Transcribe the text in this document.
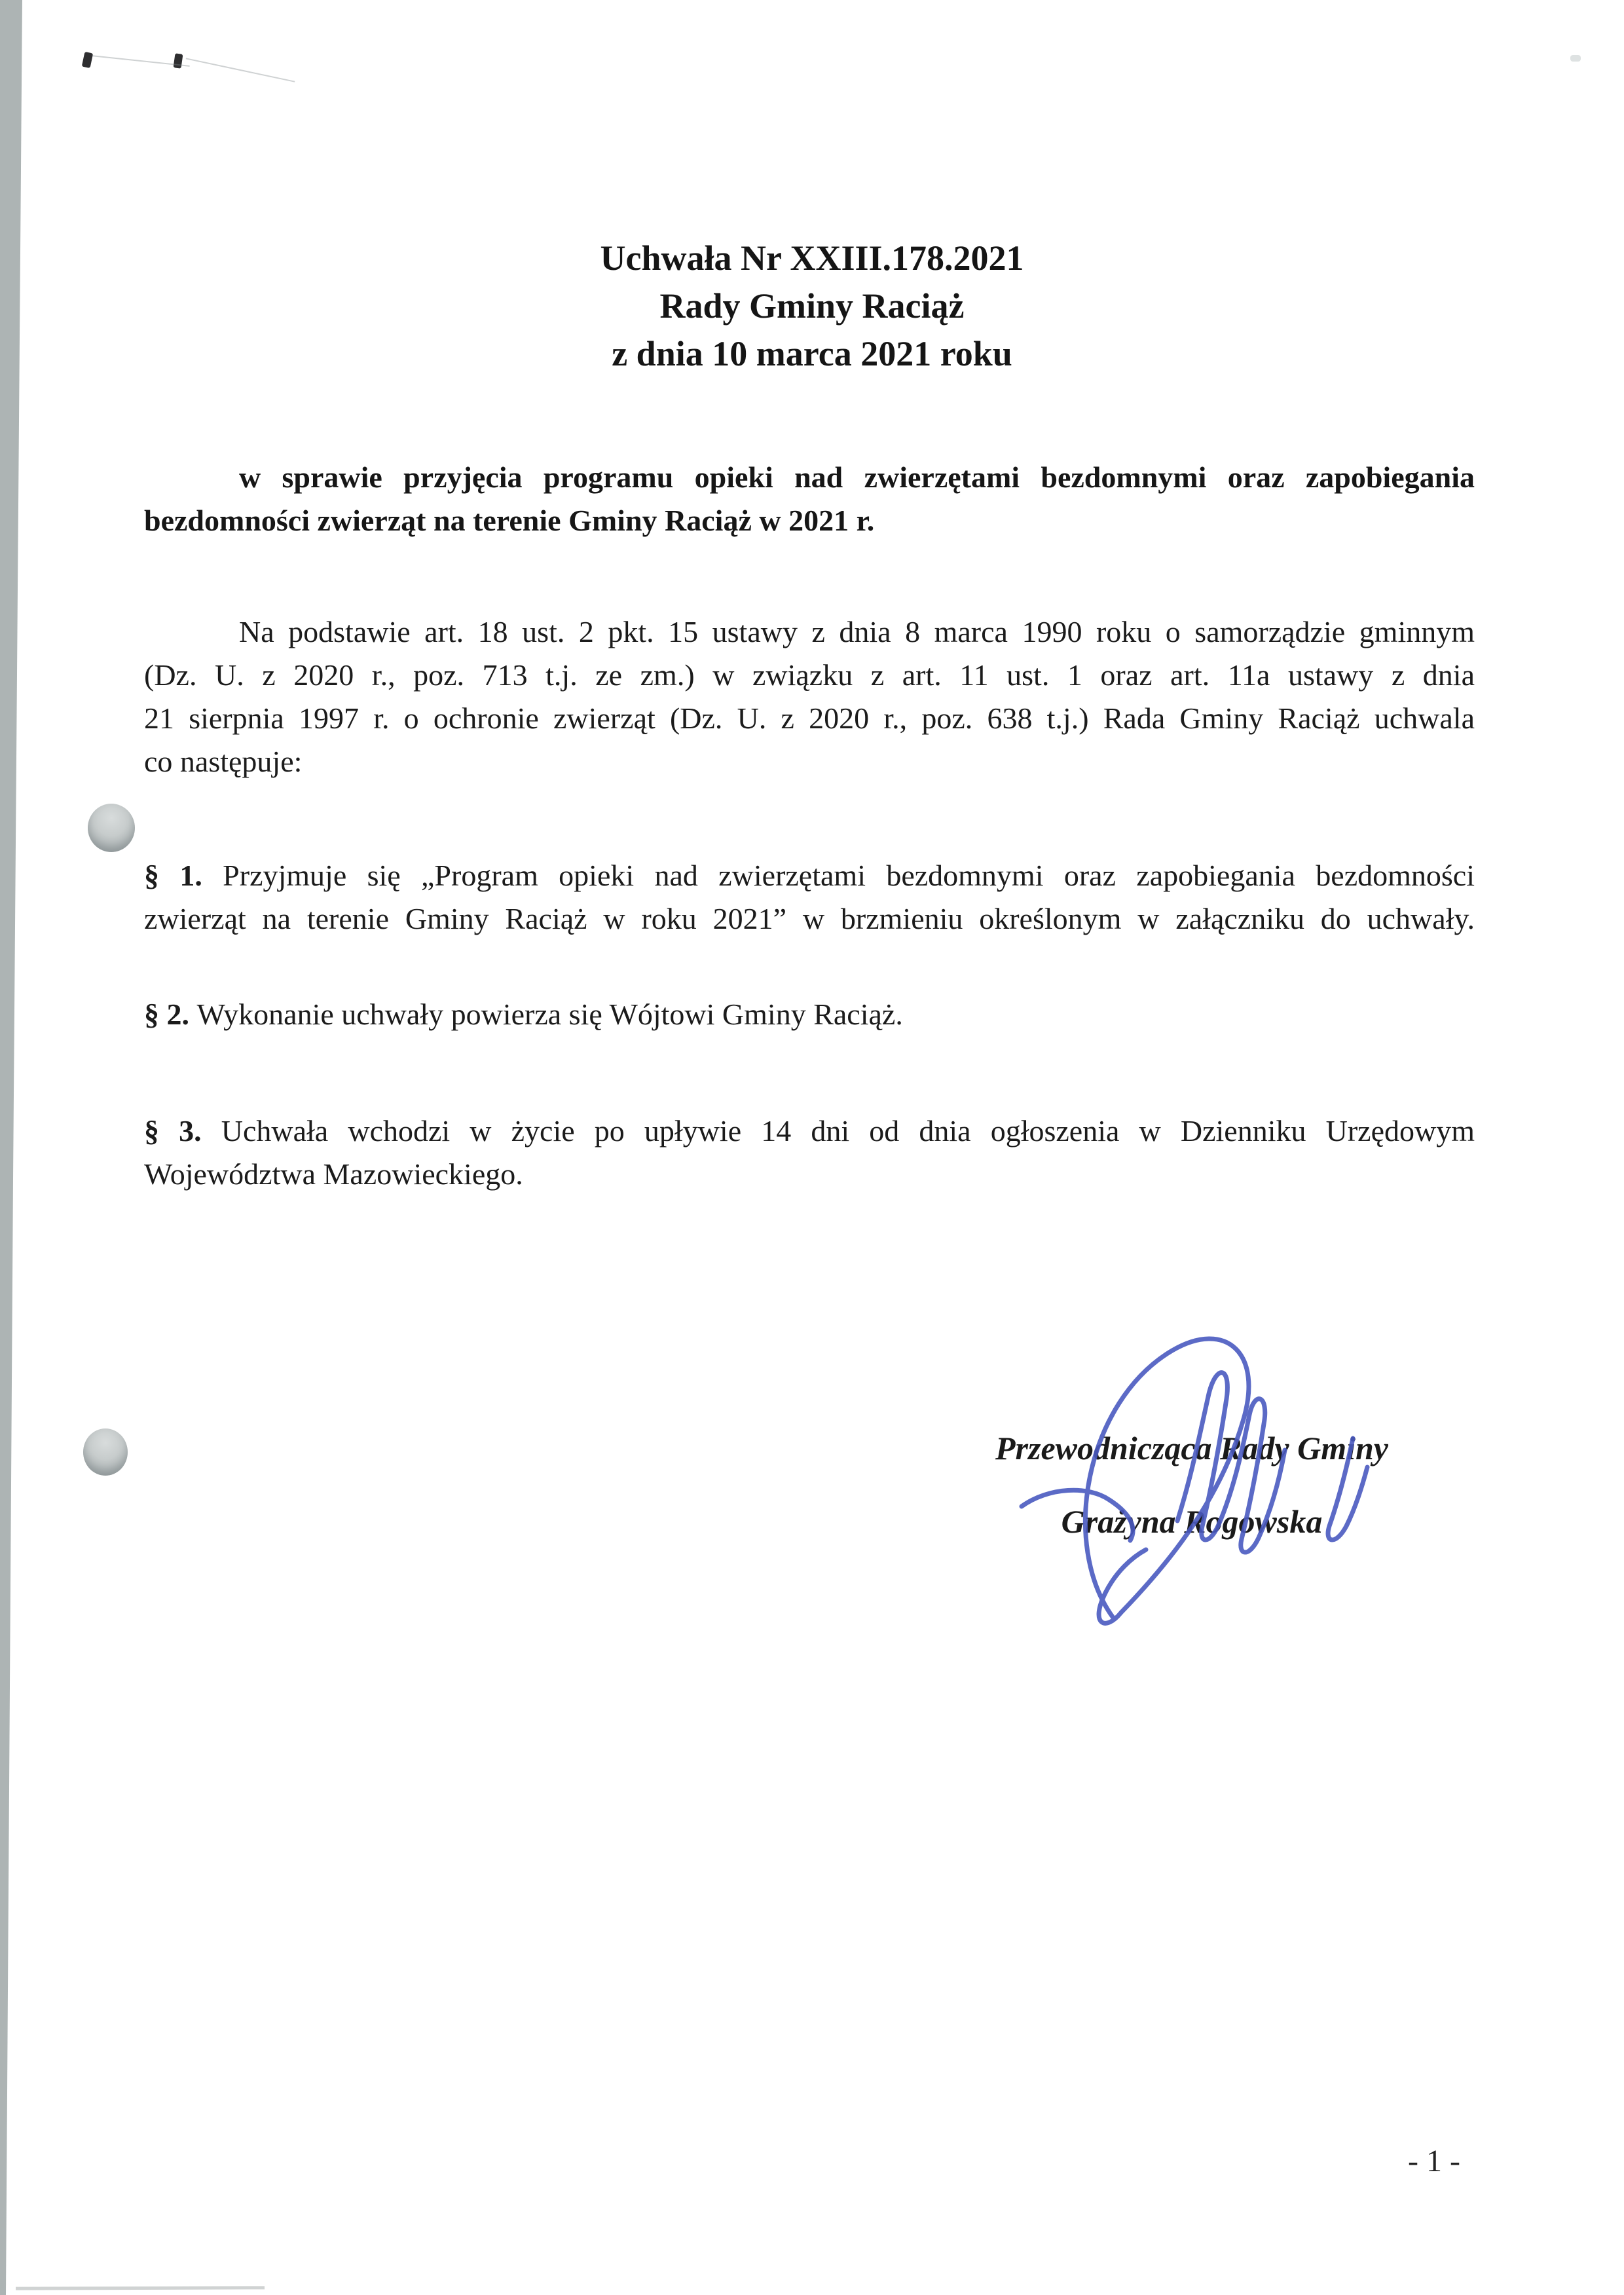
Uchwała Nr XXIII.178.2021
Rady Gminy Raciąż
z dnia 10 marca 2021 roku
w sprawie przyjęcia programu opieki nad zwierzętami bezdomnymi oraz zapobiegania
bezdomności zwierząt na terenie Gminy Raciąż w 2021 r.
Na podstawie art. 18 ust. 2 pkt. 15 ustawy z dnia 8 marca 1990 roku o samorządzie gminnym
(Dz. U. z 2020 r., poz. 713 t.j. ze zm.) w związku z art. 11 ust. 1 oraz art. 11a ustawy z dnia
21 sierpnia 1997 r. o ochronie zwierząt (Dz. U. z 2020 r., poz. 638 t.j.) Rada Gminy Raciąż uchwala
co następuje:
§ 1. Przyjmuje się „Program opieki nad zwierzętami bezdomnymi oraz zapobiegania bezdomności
zwierząt na terenie Gminy Raciąż w roku 2021” w brzmieniu określonym w załączniku do uchwały.
§ 2. Wykonanie uchwały powierza się Wójtowi Gminy Raciąż.
§ 3. Uchwała wchodzi w życie po upływie 14 dni od dnia ogłoszenia w Dzienniku Urzędowym
Województwa Mazowieckiego.
Przewodnicząca Rady Gminy
Grażyna Rogowska
- 1 -
